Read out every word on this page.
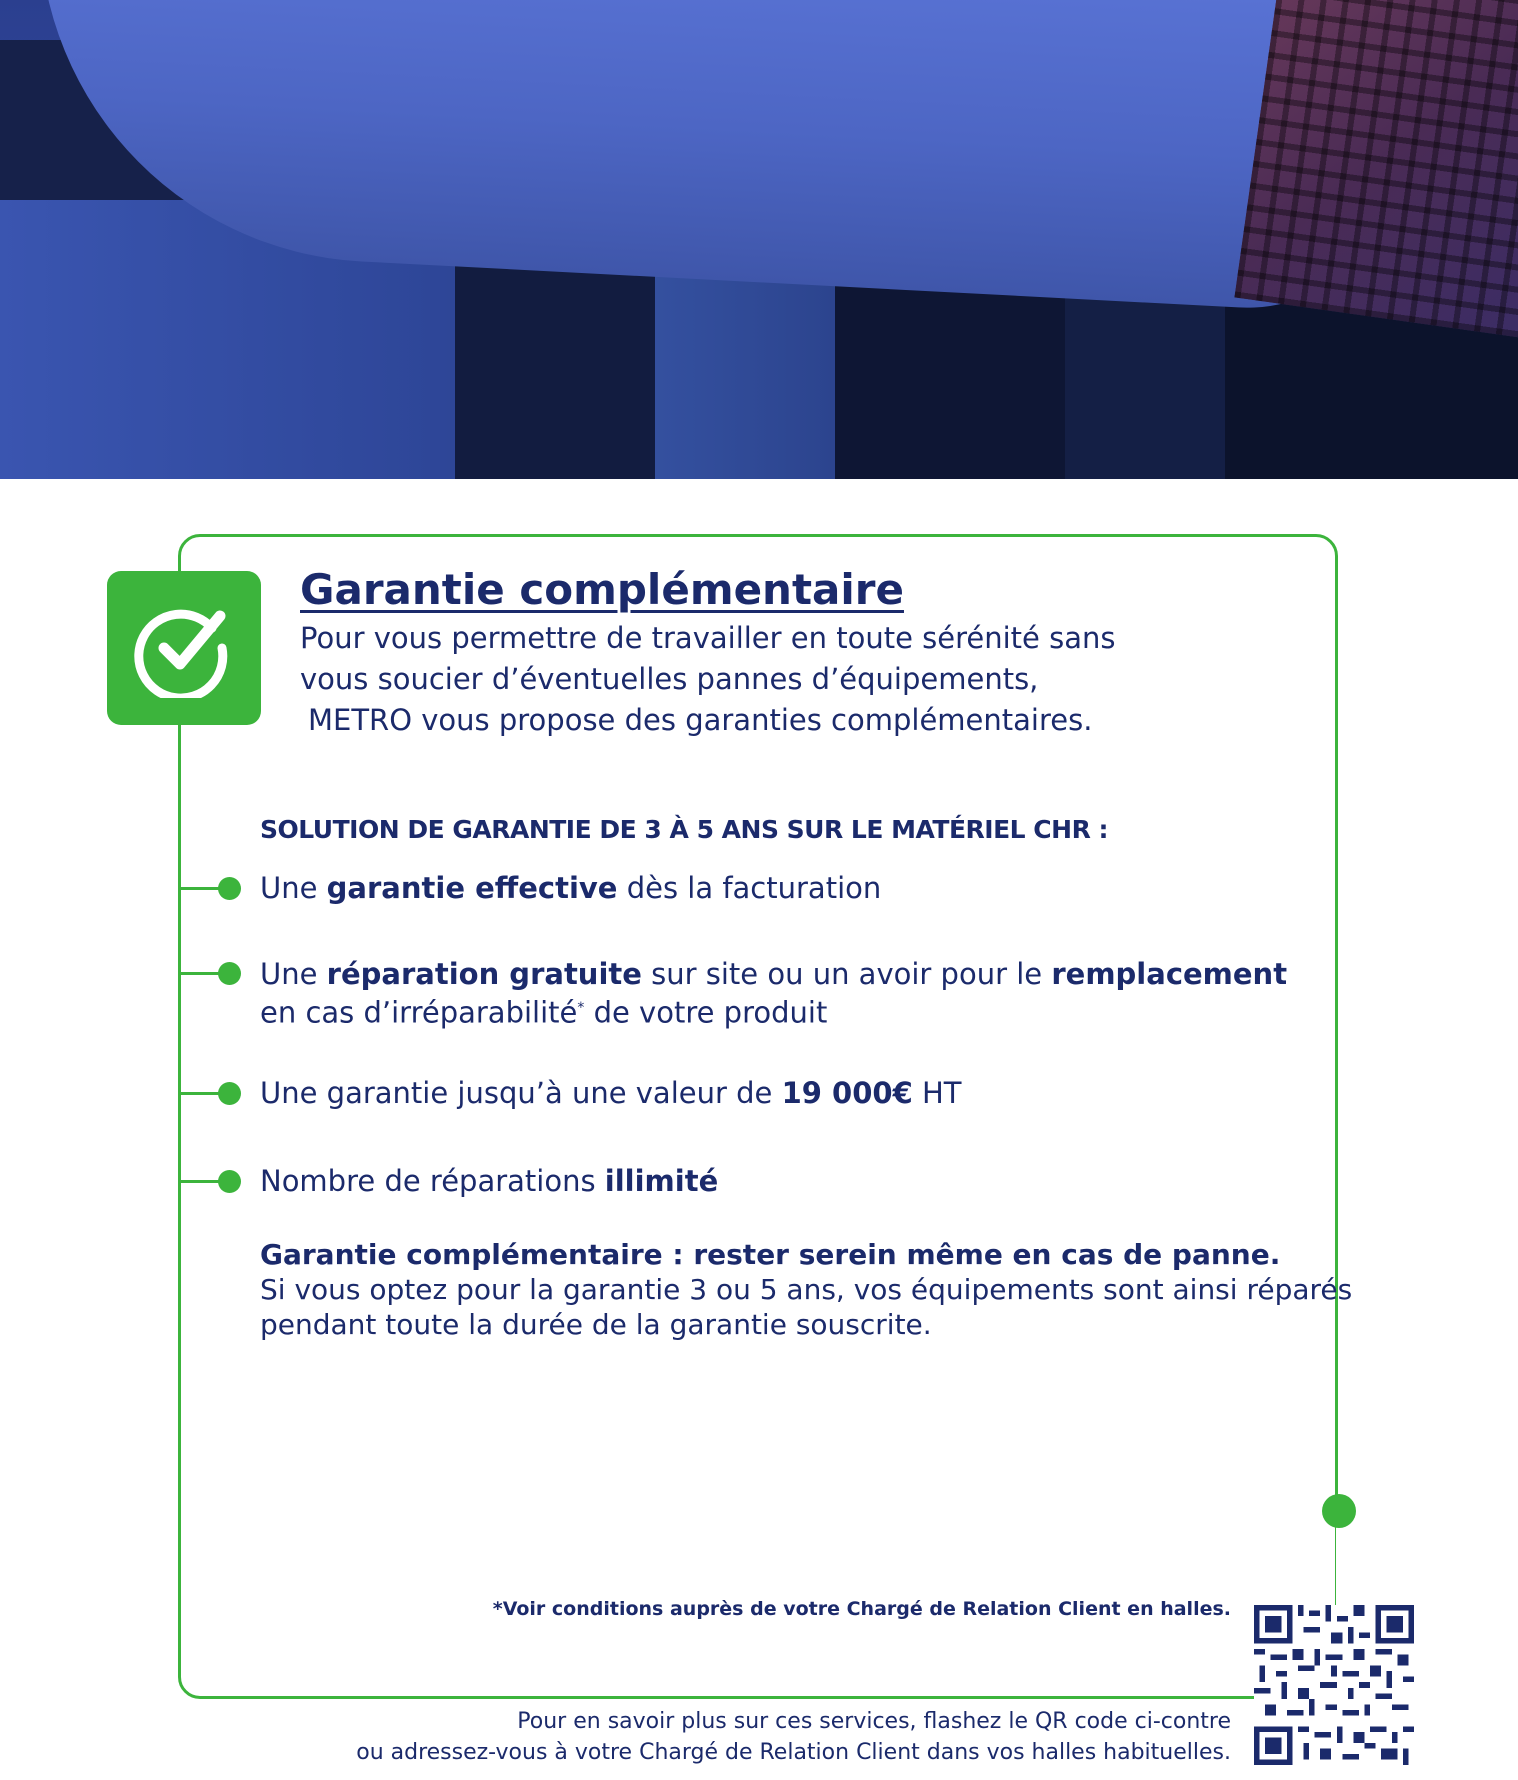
Garantie complémentaire

Pour vous permettre de travailler en toute sérénité sans
vous soucier d’éventuelles pannes d’équipements,
METRO vous propose des garanties complémentaires.

SOLUTION DE GARANTIE DE 3 À 5 ANS SUR LE MATÉRIEL CHR :

Une garantie effective dès la facturation

Une réparation gratuite sur site ou un avoir pour le remplacement
en cas d’irréparabilité* de votre produit

Une garantie jusqu’à une valeur de 19 000€ HT

Nombre de réparations illimité

Garantie complémentaire : rester serein même en cas de panne.
Si vous optez pour la garantie 3 ou 5 ans, vos équipements sont ainsi réparés
pendant toute la durée de la garantie souscrite.

*Voir conditions auprès de votre Chargé de Relation Client en halles.

Pour en savoir plus sur ces services, flashez le QR code ci-contre
ou adressez-vous à votre Chargé de Relation Client dans vos halles habituelles.
